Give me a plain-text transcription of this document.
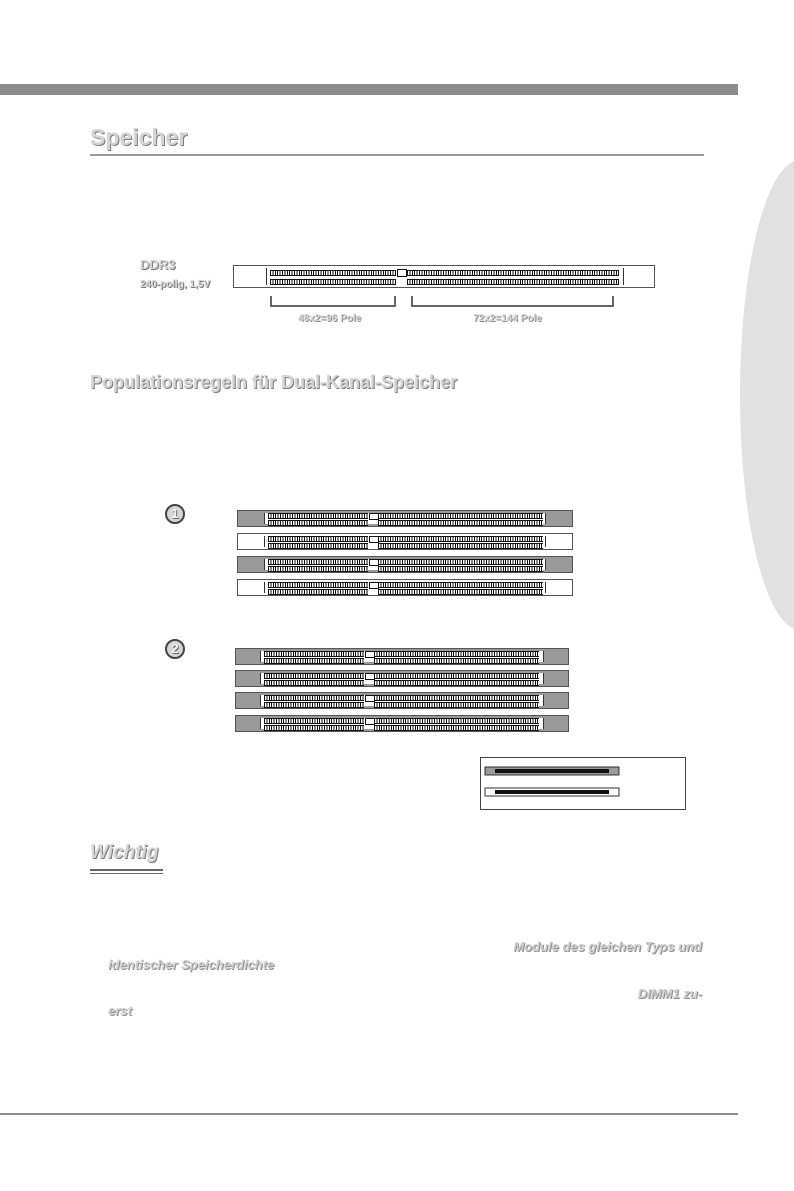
Speicher
DDR3
240-polig, 1,5V
48x2=96 Pole	72x2=144 Pole
Populationsregeln für Dual-Kanal-Speicher
1
2
Wichtig
Module des gleichen Typs und
identischer Speicherdichte
DIMM1 zu-
erst
